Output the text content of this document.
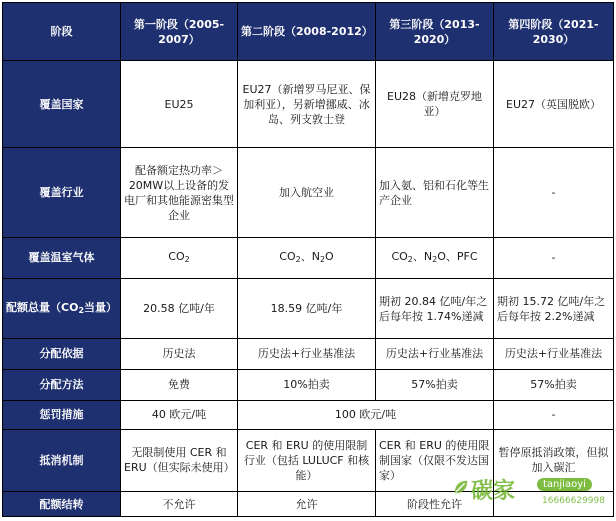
阶段	第一阶段（2005-2007）	第二阶段（2008-2012）	第三阶段（2013-2020）	第四阶段（2021-2030）
覆盖国家	EU25	EU27（新增罗马尼亚、保加利亚），另新增挪威、冰岛、列支敦士登	EU28（新增克罗地亚）	EU27（英国脱欧）
覆盖行业	配备额定热功率＞20MW以上设备的发电厂和其他能源密集型企业	加入航空业	加入氨、铝和石化等生产企业	-
覆盖温室气体	$CO_2$	$CO_2$、$N_2O$	$CO_2$、$N_2O$、PFC	-
配额总量（$CO_2$当量）	20.58 亿吨/年	18.59 亿吨/年	期初 20.84 亿吨/年之后每年按 1.74%递减	期初 15.72 亿吨/年之后每年按 2.2%递减
分配依据	历史法	历史法+行业基准法	历史法+行业基准法	历史法+行业基准法
分配方法	免费	10%拍卖	57%拍卖	57%拍卖
惩罚措施	40 欧元/吨	100 欧元/吨		-
抵消机制	无限制使用 CER 和 ERU（但实际未使用）	CER 和 ERU 的使用限制行业（包括 LULUCF 和核能）	CER 和 ERU 的使用限制国家（仅限不发达国家）	暂停原抵消政策，但拟加入碳汇
配额结转	不允许	允许	阶段性允许	碳家	tanjiaoyi
16666629998
